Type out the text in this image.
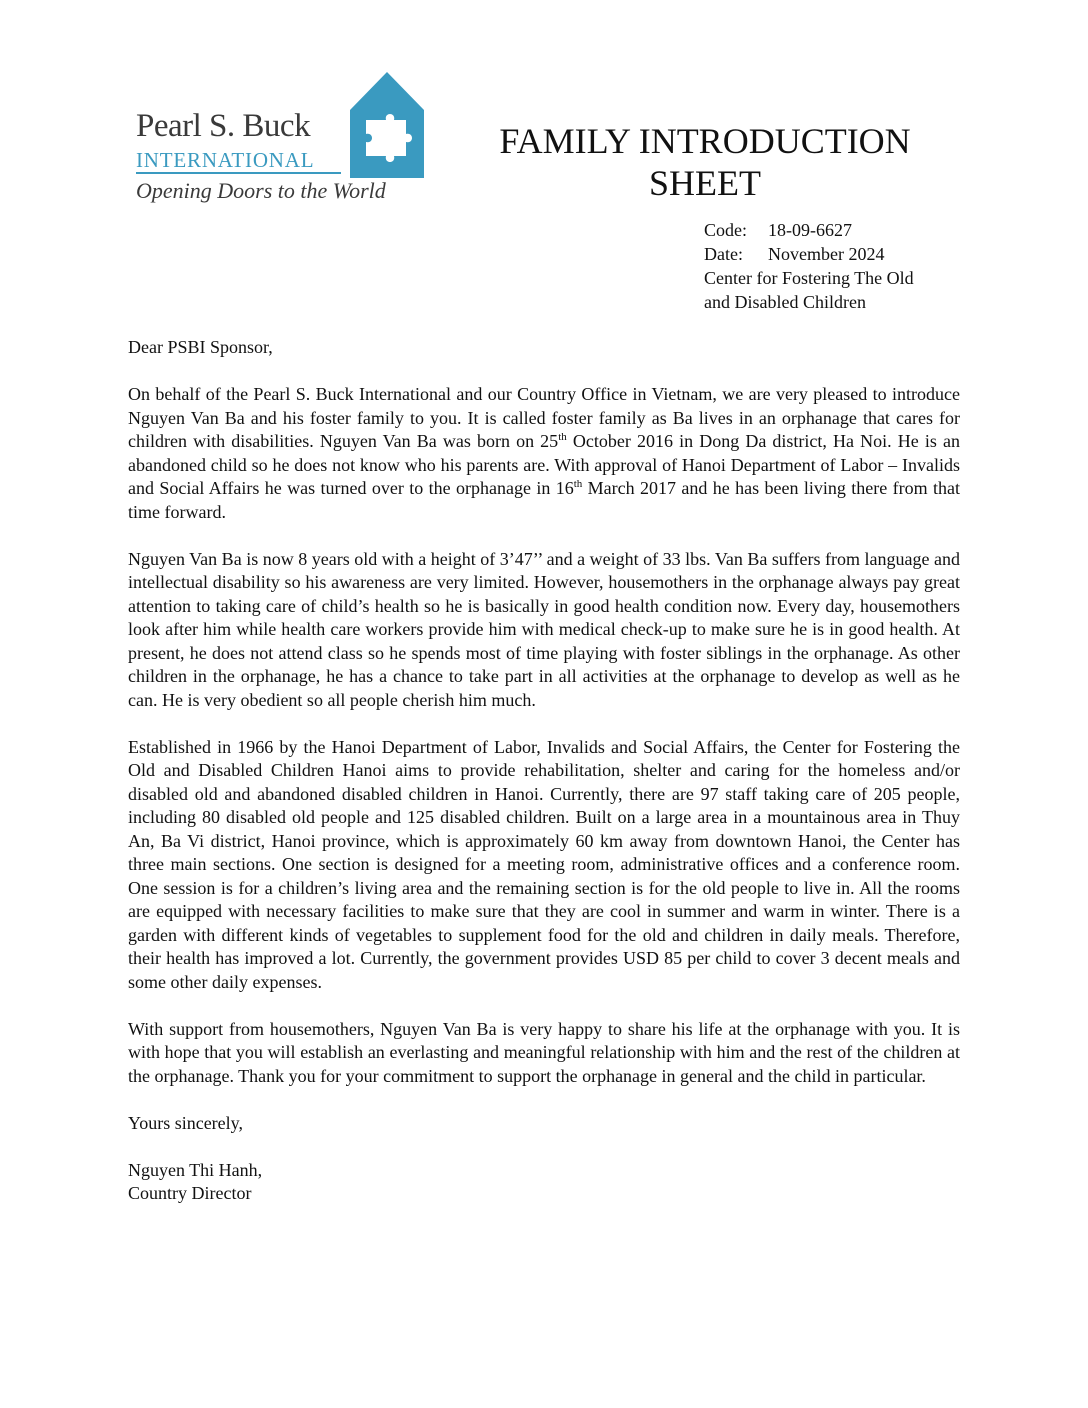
Pearl S. Buck
INTERNATIONAL
Opening Doors to the World
FAMILY INTRODUCTION
SHEET
Code: 18-09-6627
Date: November 2024
Center for Fostering The Old
and Disabled Children

Dear PSBI Sponsor,

On behalf of the Pearl S. Buck International and our Country Office in Vietnam, we are very pleased to introduce Nguyen Van Ba and his foster family to you. It is called foster family as Ba lives in an orphanage that cares for children with disabilities. Nguyen Van Ba was born on 25th October 2016 in Dong Da district, Ha Noi. He is an abandoned child so he does not know who his parents are. With approval of Hanoi Department of Labor – Invalids and Social Affairs he was turned over to the orphanage in 16th March 2017 and he has been living there from that time forward.

Nguyen Van Ba is now 8 years old with a height of 3’47’’ and a weight of 33 lbs. Van Ba suffers from language and intellectual disability so his awareness are very limited. However, housemothers in the orphanage always pay great attention to taking care of child’s health so he is basically in good health condition now. Every day, housemothers look after him while health care workers provide him with medical check-up to make sure he is in good health. At present, he does not attend class so he spends most of time playing with foster siblings in the orphanage. As other children in the orphanage, he has a chance to take part in all activities at the orphanage to develop as well as he can. He is very obedient so all people cherish him much.

Established in 1966 by the Hanoi Department of Labor, Invalids and Social Affairs, the Center for Fostering the Old and Disabled Children Hanoi aims to provide rehabilitation, shelter and caring for the homeless and/or disabled old and abandoned disabled children in Hanoi. Currently, there are 97 staff taking care of 205 people, including 80 disabled old people and 125 disabled children. Built on a large area in a mountainous area in Thuy An, Ba Vi district, Hanoi province, which is approximately 60 km away from downtown Hanoi, the Center has three main sections. One section is designed for a meeting room, administrative offices and a conference room. One session is for a children’s living area and the remaining section is for the old people to live in. All the rooms are equipped with necessary facilities to make sure that they are cool in summer and warm in winter. There is a garden with different kinds of vegetables to supplement food for the old and children in daily meals. Therefore, their health has improved a lot. Currently, the government provides USD 85 per child to cover 3 decent meals and some other daily expenses.

With support from housemothers, Nguyen Van Ba is very happy to share his life at the orphanage with you. It is with hope that you will establish an everlasting and meaningful relationship with him and the rest of the children at the orphanage. Thank you for your commitment to support the orphanage in general and the child in particular.

Yours sincerely,

Nguyen Thi Hanh,
Country Director
